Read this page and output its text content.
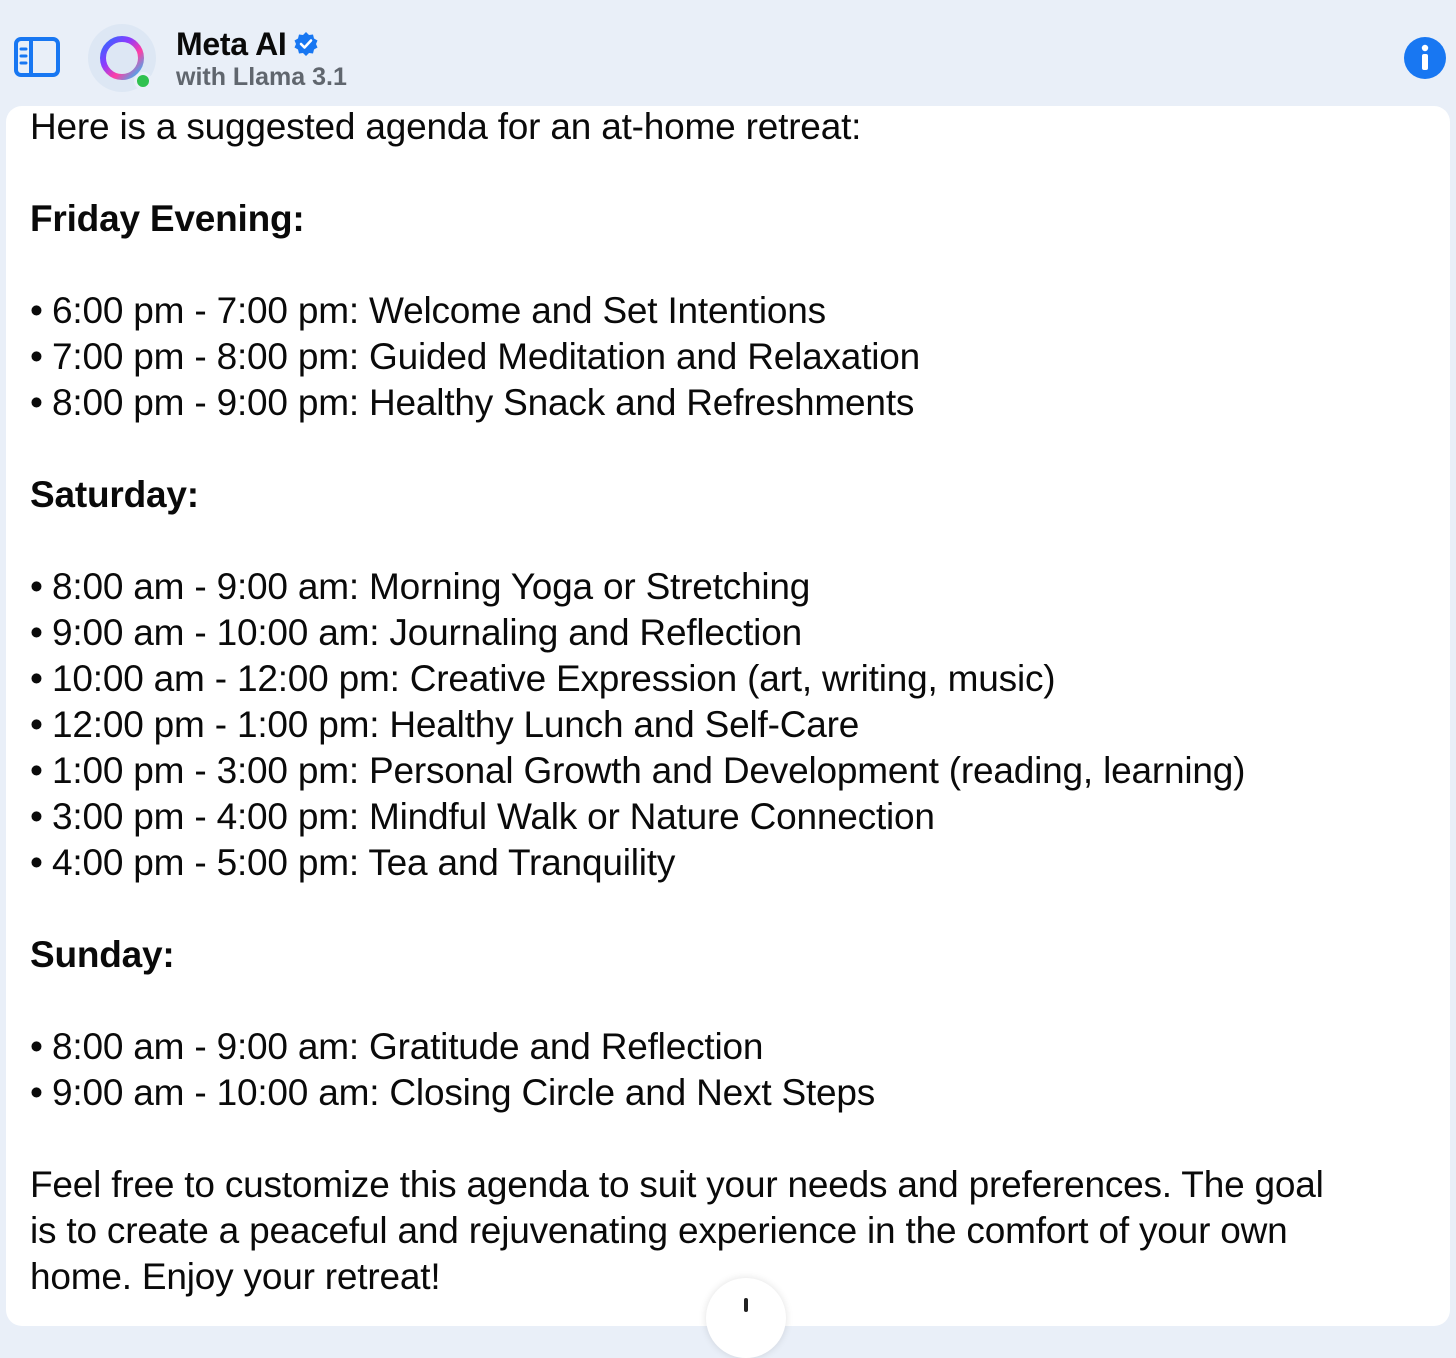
Meta AI
with Llama 3.1
Here is a suggested agenda for an at-home retreat:
Friday Evening:
• 6:00 pm - 7:00 pm: Welcome and Set Intentions
• 7:00 pm - 8:00 pm: Guided Meditation and Relaxation
• 8:00 pm - 9:00 pm: Healthy Snack and Refreshments
Saturday:
• 8:00 am - 9:00 am: Morning Yoga or Stretching
• 9:00 am - 10:00 am: Journaling and Reflection
• 10:00 am - 12:00 pm: Creative Expression (art, writing, music)
• 12:00 pm - 1:00 pm: Healthy Lunch and Self-Care
• 1:00 pm - 3:00 pm: Personal Growth and Development (reading, learning)
• 3:00 pm - 4:00 pm: Mindful Walk or Nature Connection
• 4:00 pm - 5:00 pm: Tea and Tranquility
Sunday:
• 8:00 am - 9:00 am: Gratitude and Reflection
• 9:00 am - 10:00 am: Closing Circle and Next Steps
Feel free to customize this agenda to suit your needs and preferences. The goal
is to create a peaceful and rejuvenating experience in the comfort of your own
home. Enjoy your retreat!
